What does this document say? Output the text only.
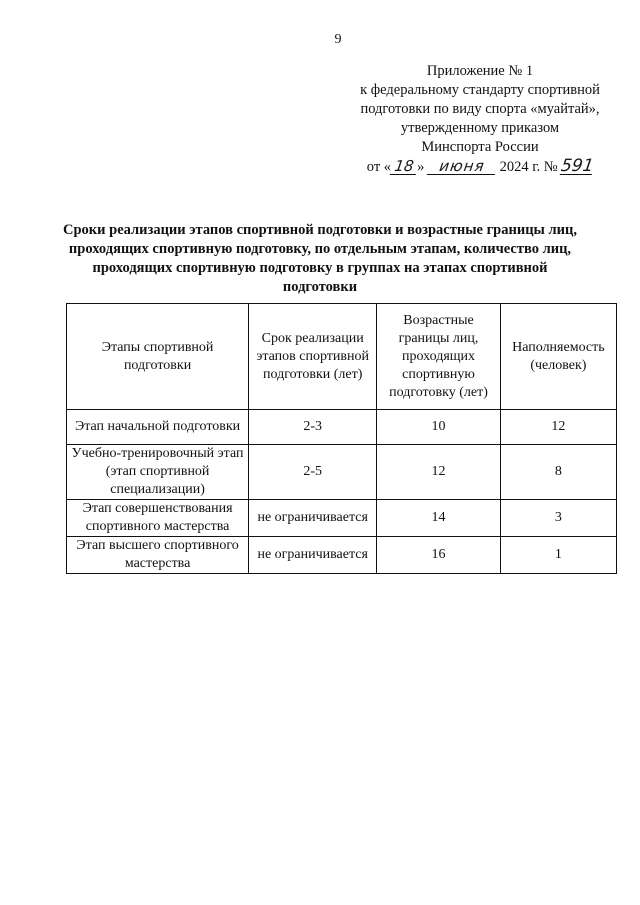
9
Приложение № 1
к федеральному стандарту спортивной
подготовки по виду спорта «муайтай»,
утвержденному приказом
Минспорта России
от « 18 » июня 2024 г. № 591
Сроки реализации этапов спортивной подготовки и возрастные границы лиц, проходящих спортивную подготовку, по отдельным этапам, количество лиц, проходящих спортивную подготовку в группах на этапах спортивной подготовки
Этапы спортивной подготовки	Срок реализации этапов спортивной подготовки (лет)	Возрастные границы лиц, проходящих спортивную подготовку (лет)	Наполняемость (человек)
Этап начальной подготовки	2-3	10	12
Учебно-тренировочный этап (этап спортивной специализации)	2-5	12	8
Этап совершенствования спортивного мастерства	не ограничивается	14	3
Этап высшего спортивного мастерства	не ограничивается	16	1
